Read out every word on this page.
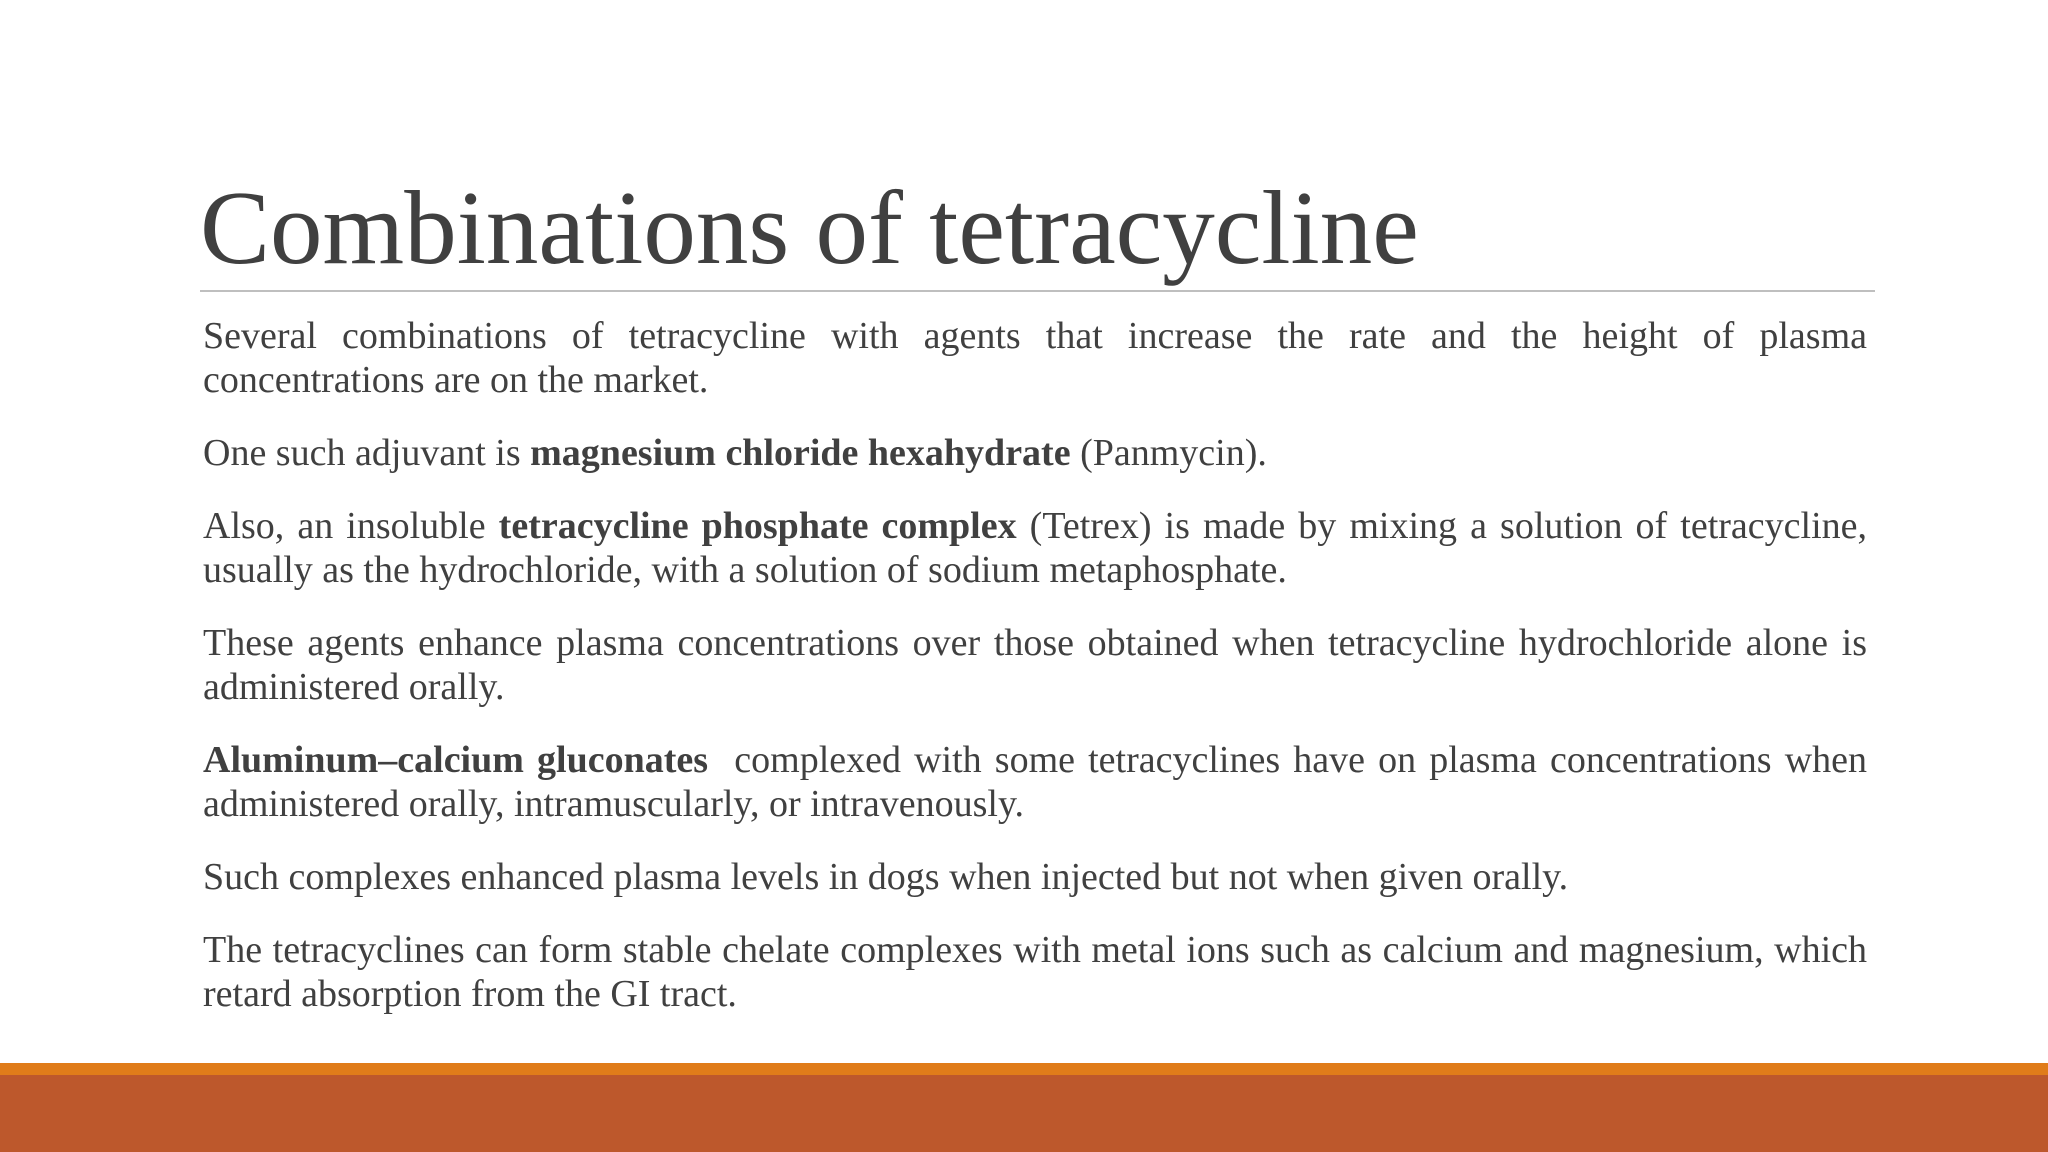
Combinations of tetracycline

Several combinations of tetracycline with agents that increase the rate and the height of plasma concentrations are on the market.

One such adjuvant is magnesium chloride hexahydrate (Panmycin).

Also, an insoluble tetracycline phosphate complex (Tetrex) is made by mixing a solution of tetracycline, usually as the hydrochloride, with a solution of sodium metaphosphate.

These agents enhance plasma concentrations over those obtained when tetracycline hydrochloride alone is administered orally.

Aluminum–calcium gluconates  complexed with some tetracyclines have on plasma concentrations when administered orally, intramuscularly, or intravenously.

Such complexes enhanced plasma levels in dogs when injected but not when given orally.

The tetracyclines can form stable chelate complexes with metal ions such as calcium and magnesium, which retard absorption from the GI tract.
